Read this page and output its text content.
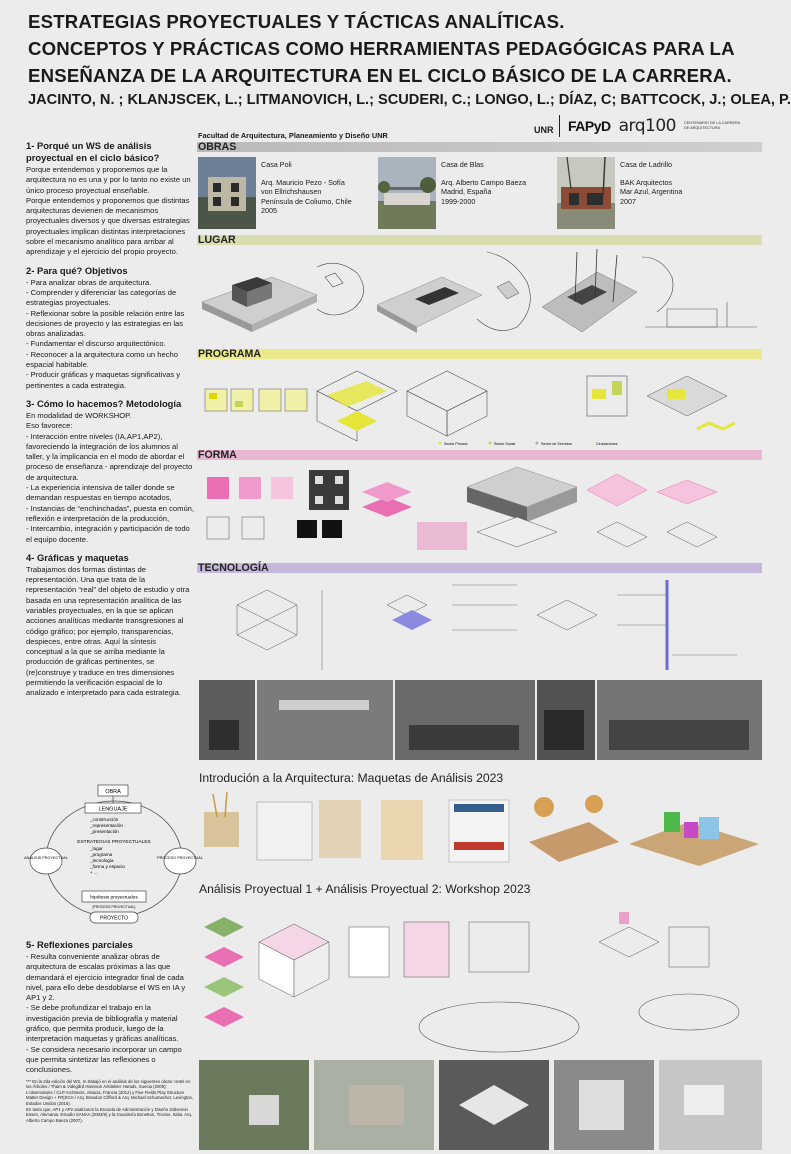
ESTRATEGIAS PROYECTUALES Y TÁCTICAS ANALÍTICAS.
CONCEPTOS Y PRÁCTICAS COMO HERRAMIENTAS PEDAGÓGICAS PARA LA
ENSEÑANZA DE LA ARQUITECTURA EN EL CICLO BÁSICO DE LA CARRERA.
JACINTO, N. ; KLANJSCEK, L.; LITMANOVICH, L.; SCUDERI, C.; LONGO, L.; DÍAZ, C; BATTCOCK, J.; OLEA, P.
Facultad de Arquitectura, Planeamiento y Diseño UNR
UNR	FAPyD arq100 CENTENARIO DE LA CARRERA DE ARQUITECTURA
1- Porqué un WS de análisis proyectual en el ciclo básico?
Porque entendemos y proponemos que la arquitectura no es una y por lo tanto no existe un único proceso proyectual enseñable.
Porque entendemos y proponemos que distintas arquitecturas devienen de mecanismos proyectuales diversos y que diversas estrategias proyectuales implican distintas interpretaciones sobre el mecanismo analítico para arribar al aprendizaje y el ejercicio del propio proyecto.
2- Para qué? Objetivos
- Para analizar obras de arquitectura.
- Comprender y diferenciar las categorías de estrategias proyectuales.
- Reflexionar sobre la posible relación entre las decisiones de proyecto y las estrategias en las obras analizadas.
- Fundamentar el discurso arquitectónico.
- Reconocer a la arquitectura como un hecho espacial habitable.
- Producir gráficas y maquetas significativas y pertinentes a cada estrategia.
3- Cómo lo hacemos? Metodología
En modalidad de WORKSHOP.
Eso favorece:
- Interacción entre niveles (IA,AP1,AP2), favoreciendo la integración de los alumnos al taller, y la implicancia en el modo de abordar el proceso de enseñanza - aprendizaje del proyecto de arquitectura.
- La experiencia intensiva de taller donde se demandan respuestas en tiempo acotados,
- Instancias de “enchinchadas”, puesta en común, reflexión e interpretación de la producción,
- Intercambio, integración y participación de todo el equipo docente.
4- Gráficas y maquetas
Trabajamos dos formas distintas de representación. Una que trata de la representación “real” del objeto de estudio y otra basada en una representación analítica de las variables proyectuales, en la que se aplican acciones analíticas mediante transgresiones al código gráfico; por ejemplo, transparencias, despieces, entre otras. Aquí la síntesis conceptual a la que se arriba mediante la producción de gráficas pertinentes, se (re)construye y traduce en tres dimensiones permitiendo la verificación espacial de lo analizado e interpretado para cada estrategia.
OBRA
LENGUAJE
_construcción
_representación
_presentación
ESTRATEGIAS PROYECTUALES
_lugar
_programa
_tecnologia
_forma y espacio
+ ...
hipótesis proyectuales
[PROCESO PROYECTUAL]
PROYECTO
ANÁLISIS PROYECTUAL	PROCESO PROYECTUAL
5- Reflexiones parciales
- Resulta conveniente analizar obras de arquitectura de escalas próximas a las que demandará el ejercicio integrador final de cada nivel, para ello debe desdoblarse el WS en IA y AP1 y 2.
- Se debe profundizar el trabajo en la investigación previa de bibliografía y material gráfico, que permita producir, luego de la interpretación maquetas y gráficas analíticas.
- Se considera necesario incorporar un campo que permita sintetizar las reflexiones o conclusiones.
*** En la 2da edición del WS, IA trabajó en el análisis de los siguientes obras: Hotel en los Árboles / Tham & Videgård Hansson Arkitekter Harads, Suecia (2009); L'observatoire / CLP Architects, Alsacia, Francia (2012) y Five Fields Play Structure Matter Design + FR|SCH / Arq. Brandon Clifford & Arq. Michael Schumacher, Lexington, Estados Unidos (2016).
En tanto que, AP1 y AP2 analizaron la Escuela de Administración y Diseño Zollverein Essen, Alemania. Estudio SANAA (2003/6) y la Guardería Bonetton, Trevise, Italia. Arq. Alberto Campo Baeza (2007).
OBRAS
LUGAR
PROGRAMA
FORMA
TECNOLOGÍA
Casa Poli
Arq. Mauricio Pezo - Sofía
von Ellrichshausen
Península de Coliumo, Chile
2005
Casa de Blas
Arq. Alberto Campo Baeza
Madrid, España
1999-2000
Casa de Ladrillo
BAK Arquitectos
Mar Azul, Argentina
2007
Sector Privado	Sector Social	Sector de Servicios	Circulaciones
Introdución a la Arquitectura: Maquetas de Análisis 2023
Análisis Proyectual 1 + Análisis Proyectual 2: Workshop 2023
